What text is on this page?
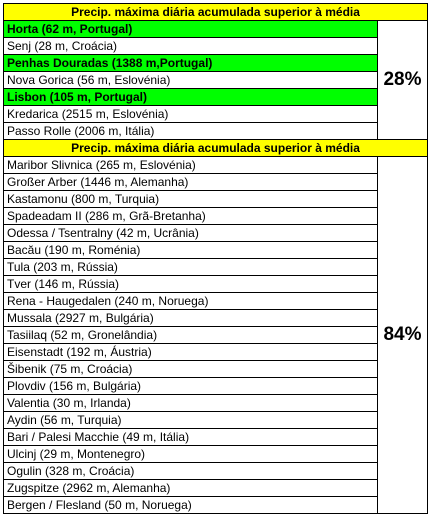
Precip. máxima diária acumulada superior à média	
Horta (62 m, Portugal)	28%
Senj (28 m, Croácia)	
Penhas Douradas (1388 m,Portugal)	
Nova Gorica (56 m, Eslovénia)	
Lisbon (105 m, Portugal)	
Kredarica (2515 m, Eslovénia)	
Passo Rolle (2006 m, Itália)	
Precip. máxima diária acumulada superior à média	
Maribor Slivnica (265 m, Eslovénia)	84%
Großer Arber (1446 m, Alemanha)	
Kastamonu (800 m, Turquia)	
Spadeadam II (286 m, Grã-Bretanha)	
Odessa / Tsentralny (42 m, Ucrânia)	
Bacău (190 m, Roménia)	
Tula (203 m, Rússia)	
Tver (146 m, Rússia)	
Rena - Haugedalen (240 m, Noruega)	
Mussala (2927 m, Bulgária)	
Tasiilaq (52 m, Gronelândia)	
Eisenstadt (192 m, Áustria)	
Šibenik (75 m, Croácia)	
Plovdiv (156 m, Bulgária)	
Valentia (30 m, Irlanda)	
Aydin (56 m, Turquia)	
Bari / Palesi Macchie (49 m, Itália)	
Ulcinj (29 m, Montenegro)	
Ogulin (328 m, Croácia)	
Zugspitze (2962 m, Alemanha)	
Bergen / Flesland (50 m, Noruega)	
